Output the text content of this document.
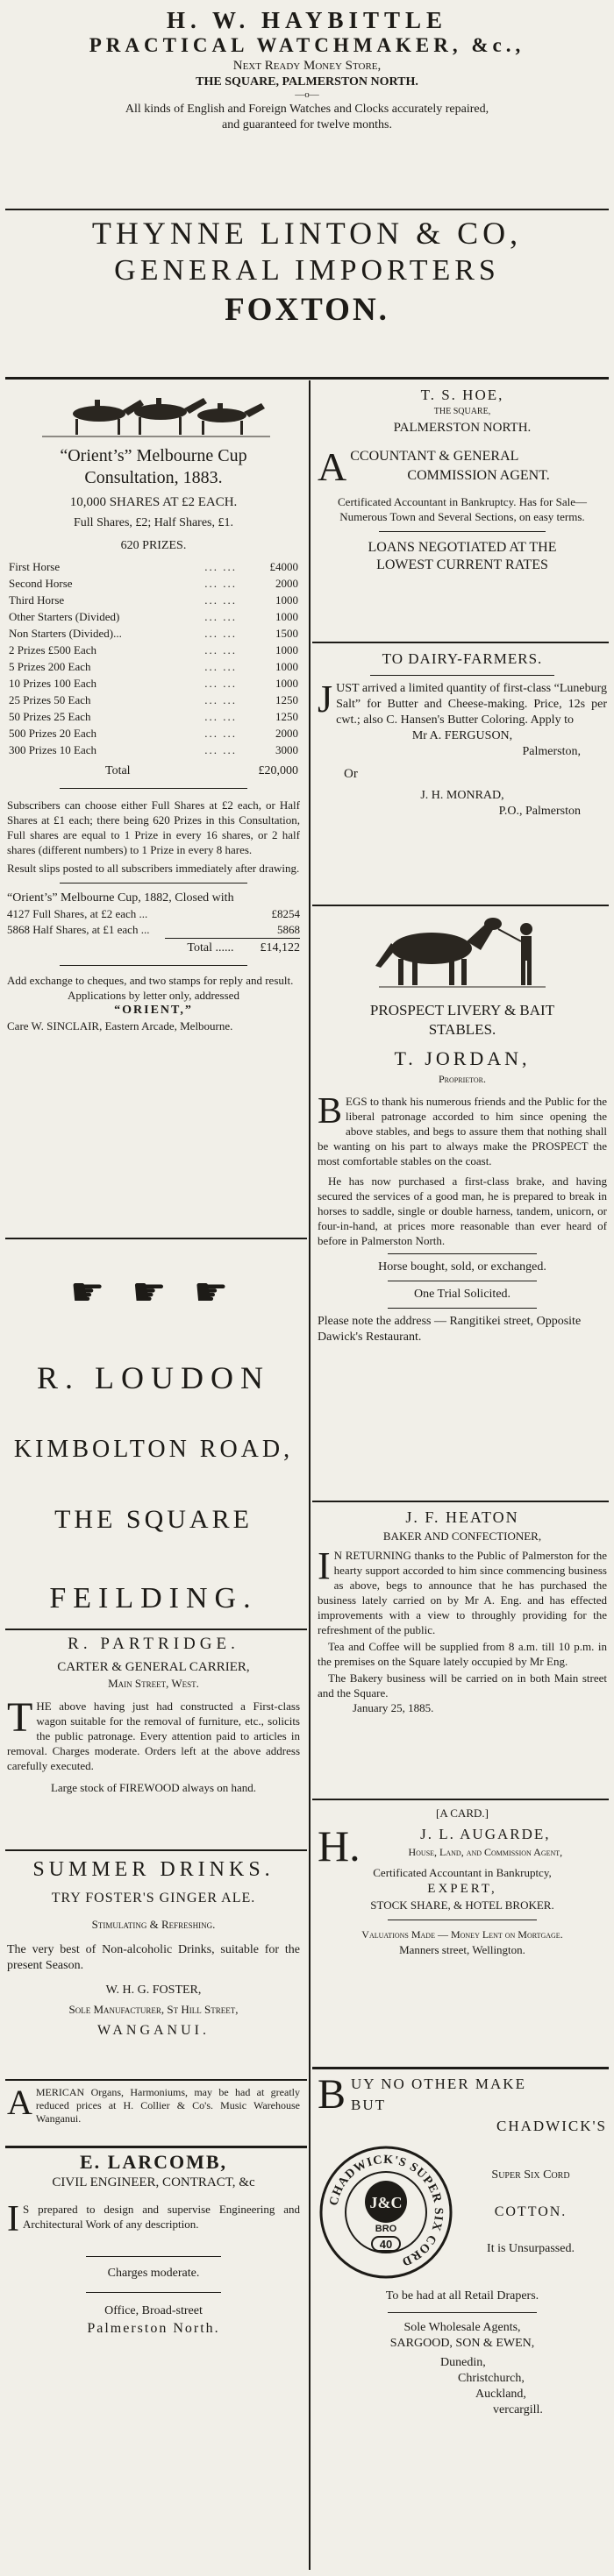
H. W. HAYBITTLE
PRACTICAL WATCHMAKER, &c.,
Next Ready Money Store,
THE SQUARE, PALMERSTON NORTH.
—o—
All kinds of English and Foreign Watches and Clocks accurately repaired,
and guaranteed for twelve months.
THYNNE LINTON & CO,
GENERAL IMPORTERS
FOXTON.
“Orient’s” Melbourne Cup
Consultation, 1883.
10,000 SHARES AT £2 EACH.
Full Shares, £2; Half Shares, £1.
620 PRIZES.
First Horse	... ...	£4000
Second Horse	... ...	2000
Third Horse	... ...	1000
Other Starters (Divided)	... ...	1000
Non Starters (Divided)...	... ...	1500
2 Prizes £500 Each	... ...	1000
5 Prizes 200 Each	... ...	1000
10 Prizes 100 Each	... ...	1000
25 Prizes 50 Each	... ...	1250
50 Prizes 25 Each	... ...	1250
500 Prizes 20 Each	... ...	2000
300 Prizes 10 Each	... ...	3000
Total	£20,000

Subscribers can choose either Full Shares at £2 each, or Half Shares at £1 each; there being 620 Prizes in this Consultation, Full shares are equal to 1 Prize in every 16 shares, or 2 half shares (different numbers) to 1 Prize in every 8 hares.

Result slips posted to all subscribers immediately after drawing.

“Orient’s” Melbourne Cup, 1882, Closed with

4127 Full Shares, at £2 each ...	£8254
5868 Half Shares, at £1 each ...	5868
Total ...... £14,122

Add exchange to cheques, and two stamps for reply and result.

Applications by letter only, addressed

“ORIENT,”

Care W. SINCLAIR, Eastern Arcade, Melbourne.

☛ ☛ ☛
R. LOUDON
KIMBOLTON ROAD,
THE SQUARE
FEILDING.
R. PARTRIDGE.
CARTER & GENERAL CARRIER,
Main Street, West.

THE above having just had constructed a First-class wagon suitable for the removal of furniture, etc., solicits the public patronage. Every attention paid to articles in removal. Charges moderate. Orders left at the above address carefully executed.

Large stock of FIREWOOD always on hand.

SUMMER DRINKS.
TRY FOSTER'S GINGER ALE.
Stimulating & Refreshing.

The very best of Non-alcoholic Drinks, suitable for the present Season.

W. H. G. FOSTER,
Sole Manufacturer, St Hill Street,
WANGANUI.

AMERICAN Organs, Harmoniums, may be had at greatly reduced prices at H. Collier & Co's. Music Warehouse Wanganui.

E. LARCOMB,
CIVIL ENGINEER, CONTRACT, &c

I S prepared to design and supervise Engineering and Architectural Work of any description.

Charges moderate.
Office, Broad-street
Palmerston North.
T. S. HOE,
THE SQUARE,
PALMERSTON NORTH.
A CCOUNTANT & GENERAL
COMMISSION AGENT.

Certificated Accountant in Bankruptcy. Has for Sale—Numerous Town and Several Sections, on easy terms.

LOANS NEGOTIATED AT THE
LOWEST CURRENT RATES
TO DAIRY-FARMERS.

JUST arrived a limited quantity of first-class “Luneburg Salt” for Butter and Cheese-making. Price, 12s per cwt.; also C. Hansen's Butter Coloring. Apply to

Mr A. FERGUSON,
Palmerston,
Or
J. H. MONRAD,
P.O., Palmerston
PROSPECT LIVERY & BAIT
STABLES.
T. JORDAN,
Proprietor.

BEGS to thank his numerous friends and the Public for the liberal patronage accorded to him since opening the above stables, and begs to assure them that nothing shall be wanting on his part to always make the PROSPECT the most comfortable stables on the coast.

He has now purchased a first-class brake, and having secured the services of a good man, he is prepared to break in horses to saddle, single or double harness, tandem, unicorn, or four-in-hand, at prices more reasonable than ever heard of before in Palmerston North.

Horse bought, sold, or exchanged.
One Trial Solicited.

Please note the address — Rangitikei street, Opposite Dawick's Restaurant.

J. F. HEATON
BAKER AND CONFECTIONER,

I N RETURNING thanks to the Public of Palmerston for the hearty support accorded to him since commencing business as above, begs to announce that he has purchased the business lately carried on by Mr A. Eng. and has effected improvements with a view to throughly providing for the refreshment of the public.

Tea and Coffee will be supplied from 8 a.m. till 10 p.m. in the premises on the Square lately occupied by Mr Eng.

The Bakery business will be carried on in both Main street and the Square.

January 25, 1885.
[A CARD.]
H.	J. L. AUGARDE,
House, Land, and Commission Agent,
Certificated Accountant in Bankruptcy,
EXPERT,
STOCK SHARE, & HOTEL BROKER.
Valuations Made — Money Lent on Mortgage.
Manners street, Wellington.
B UY NO OTHER MAKE
BUT
CHADWICK'S
CHADWICK'S SUPER SIX CORD
J&C
BRO
40
Super Six Cord
COTTON.
It is Unsurpassed.
To be had at all Retail Drapers.
Sole Wholesale Agents,
SARGOOD, SON & EWEN,
Dunedin,
Christchurch,
Auckland,
vercargill.
